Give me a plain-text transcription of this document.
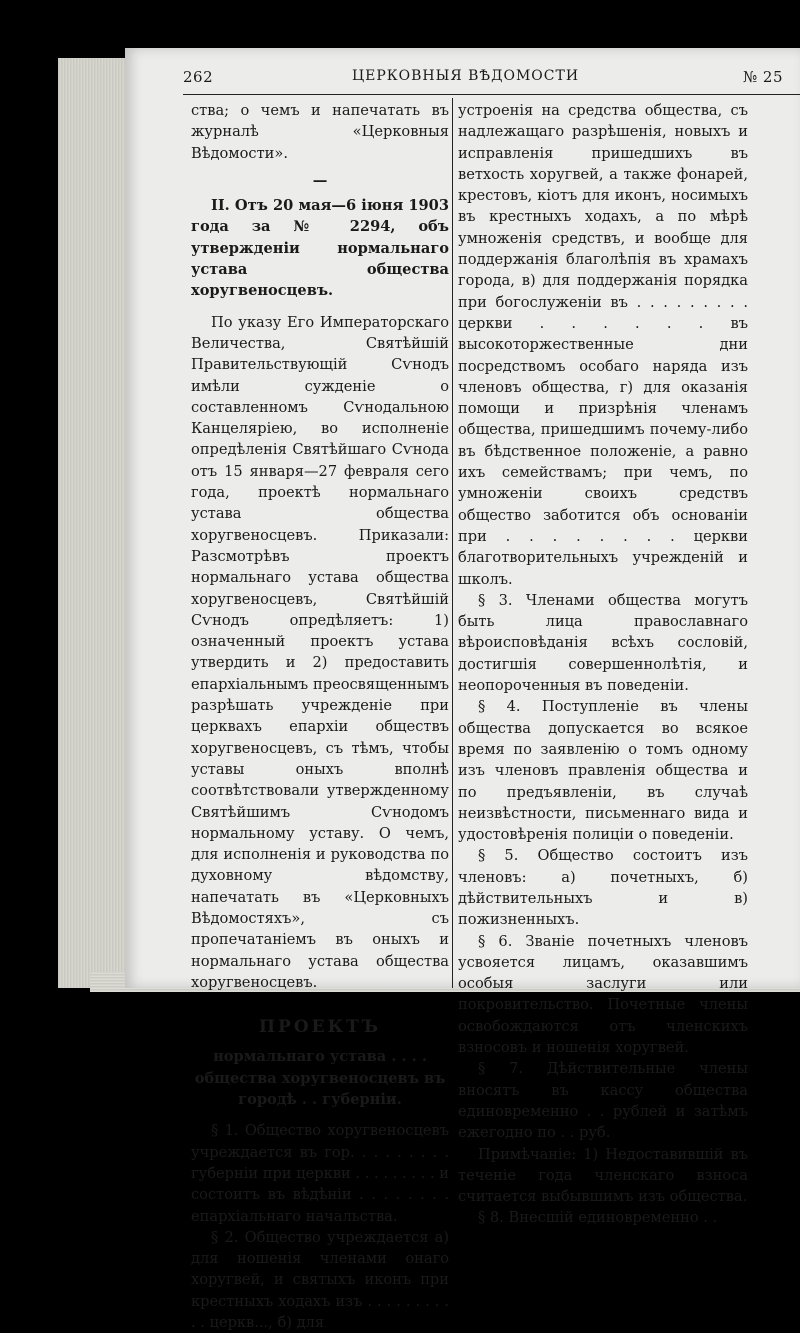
262	ЦЕРКОВНЫЯ ВѢДОМОСТИ	№ 25

ства; о чемъ и напечатать въ журналѣ «Церковныя Вѣдомости».

—

II. Отъ 20 мая—6 іюня 1903 года за № 2294, объ утвержденіи нормальнаго устава общества хоругвеносцевъ.

По указу Его Императорскаго Величества, Святѣйшій Правительствующій Сѵнодъ имѣли сужденіе о составленномъ Сѵнодальною Канцеляріею, во исполненіе опредѣленія Святѣйшаго Сѵнода отъ 15 января—27 февраля сего года, проектѣ нормальнаго устава общества хоругвеносцевъ. Приказали: Разсмотрѣвъ проектъ нормальнаго устава общества хоругвеносцевъ, Святѣйшій Сѵнодъ опредѣляетъ: 1) означенный проектъ устава утвердить и 2) предоставить епархіальнымъ преосвященнымъ разрѣшать учрежденіе при церквахъ епархіи обществъ хоругвеносцевъ, съ тѣмъ, чтобы уставы оныхъ вполнѣ соотвѣтствовали утвержденному Святѣйшимъ Сѵнодомъ нормальному уставу. О чемъ, для исполненія и руководства по духовному вѣдомству, напечатать въ «Церковныхъ Вѣдомостяхъ», съ пропечатаніемъ въ оныхъ и нормальнаго устава общества хоругвеносцевъ.

ПРОЕКТЪ

нормальнаго устава . . . . общества хоругвеносцевъ въ городѣ . . губерніи.

§ 1. Общество хоругвеносцевъ учреждается въ гор. . . . . . . . . губерніи при церкви . . . . . . . . . и состоитъ въ вѣдѣніи . . . . . . . . епархіальнаго начальства.

§ 2. Общество учреждается а) для ношенія членами онаго хоругвей, и святыхъ иконъ при крестныхъ ходахъ изъ . . . . . . . . . . . церкв..., б) для

устроенія на средства общества, съ надлежащаго разрѣшенія, новыхъ и исправленія пришедшихъ въ ветхость хоругвей, а также фонарей, крестовъ, кіотъ для иконъ, носимыхъ въ крестныхъ ходахъ, а по мѣрѣ умноженія средствъ, и вообще для поддержанія благолѣпія въ храмахъ города, в) для поддержанія порядка при богослуженіи въ . . . . . . . . . церкви . . . . . . въ высокоторжественные дни посредствомъ особаго наряда изъ членовъ общества, г) для оказанія помощи и призрѣнія членамъ общества, пришедшимъ почему-либо въ бѣдственное положеніе, а равно ихъ семействамъ; при чемъ, по умноженіи своихъ средствъ общество заботится объ основаніи при . . . . . . . . церкви благотворительныхъ учрежденій и школъ.

§ 3. Членами общества могутъ быть лица православнаго вѣроисповѣданія всѣхъ сословій, достигшія совершеннолѣтія, и неопороченныя въ поведеніи.

§ 4. Поступленіе въ члены общества допускается во всякое время по заявленію о томъ одному изъ членовъ правленія общества и по предъявленіи, въ случаѣ неизвѣстности, письменнаго вида и удостовѣренія полиціи о поведеніи.

§ 5. Общество состоитъ изъ членовъ: а) почетныхъ, б) дѣйствительныхъ и в) пожизненныхъ.

§ 6. Званіе почетныхъ членовъ усвояется лицамъ, оказавшимъ особыя заслуги или покровительство. Почетные члены освобождаются отъ членскихъ взносовъ и ношенія хоругвей.

§ 7. Дѣйствительные члены вносятъ въ кассу общества единовременно . . рублей и затѣмъ ежегодно по . . руб.

Примѣчаніе: 1) Недоставившій въ теченіе года членскаго взноса считается выбывшимъ изъ общества.

§ 8. Внесшій единовременно . .
